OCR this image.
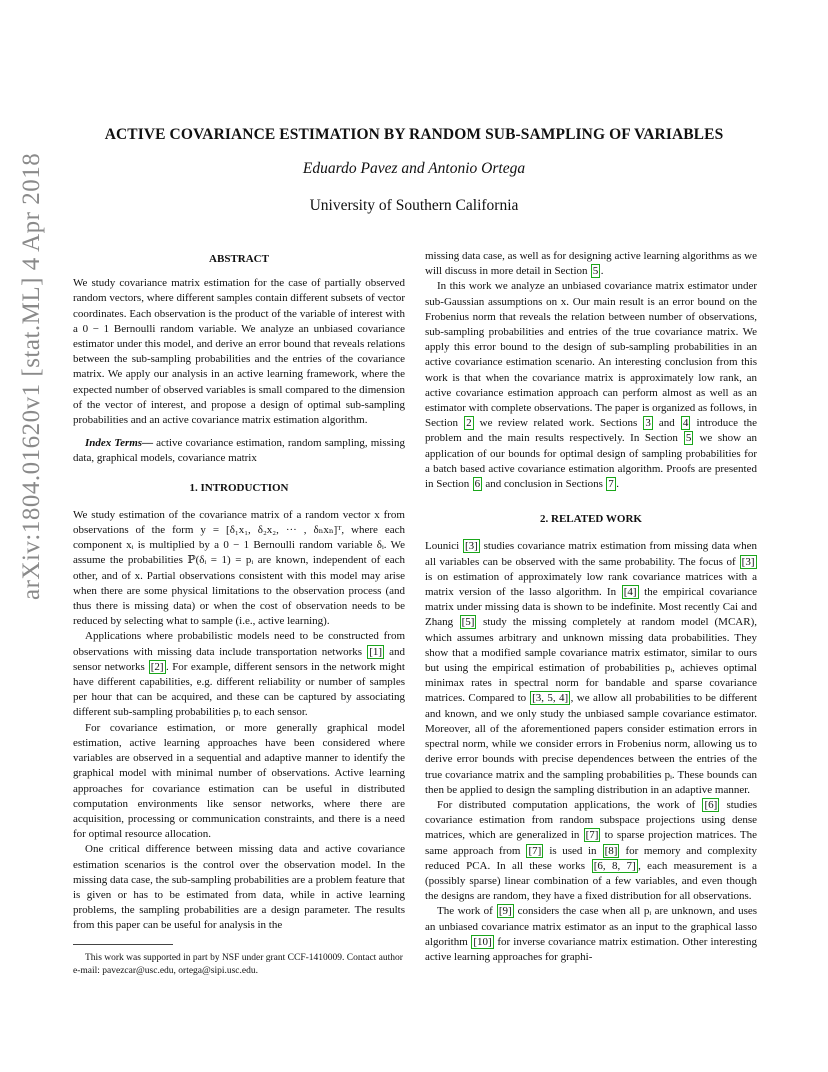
ACTIVE COVARIANCE ESTIMATION BY RANDOM SUB-SAMPLING OF VARIABLES
Eduardo Pavez and Antonio Ortega
University of Southern California
arXiv:1804.01620v1 [stat.ML] 4 Apr 2018	ABSTRACT

We study covariance matrix estimation for the case of partially observed random vectors, where different samples contain different subsets of vector coordinates. Each observation is the product of the variable of interest with a 0 − 1 Bernoulli random variable. We analyze an unbiased covariance estimator under this model, and derive an error bound that reveals relations between the sub-sampling probabilities and the entries of the covariance matrix. We apply our analysis in an active learning framework, where the expected number of observed variables is small compared to the dimension of the vector of interest, and propose a design of optimal sub-sampling probabilities and an active covariance matrix estimation algorithm.

Index Terms— active covariance estimation, random sampling, missing data, graphical models, covariance matrix

1. INTRODUCTION

We study estimation of the covariance matrix of a random vector x from observations of the form y = [δ₁x₁, δ₂x₂, ··· , δₙxₙ]ᵀ, where each component xᵢ is multiplied by a 0 − 1 Bernoulli random variable δᵢ. We assume the probabilities ℙ(δᵢ = 1) = pᵢ are known, independent of each other, and of x. Partial observations consistent with this model may arise when there are some physical limitations to the observation process (and thus there is missing data) or when the cost of observation needs to be reduced by selecting what to sample (i.e., active learning).

Applications where probabilistic models need to be constructed from observations with missing data include transportation networks [1] and sensor networks [2] . For example, different sensors in the network might have different capabilities, e.g. different reliability or number of samples per hour that can be acquired, and these can be captured by associating different sub-sampling probabilities pᵢ to each sensor.

For covariance estimation, or more generally graphical model estimation, active learning approaches have been considered where variables are observed in a sequential and adaptive manner to identify the graphical model with minimal number of observations. Active learning approaches for covariance estimation can be useful in distributed computation environments like sensor networks, where there are acquisition, processing or communication constraints, and there is a need for optimal resource allocation.

One critical difference between missing data and active covariance estimation scenarios is the control over the observation model. In the missing data case, the sub-sampling probabilities are a problem feature that is given or has to be estimated from data, while in active learning problems, the sampling probabilities are a design parameter. The results from this paper can be useful for analysis in the

This work was supported in part by NSF under grant CCF-1410009. Contact author e-mail: pavezcar@usc.edu, ortega@sipi.usc.edu.

missing data case, as well as for designing active learning algorithms as we will discuss in more detail in Section 5 .

In this work we analyze an unbiased covariance matrix estimator under sub-Gaussian assumptions on x. Our main result is an error bound on the Frobenius norm that reveals the relation between number of observations, sub-sampling probabilities and entries of the true covariance matrix. We apply this error bound to the design of sub-sampling probabilities in an active covariance estimation scenario. An interesting conclusion from this work is that when the covariance matrix is approximately low rank, an active covariance estimation approach can perform almost as well as an estimator with complete observations. The paper is organized as follows, in Section 2 we review related work. Sections 3 and 4 introduce the problem and the main results respectively. In Section 5 we show an application of our bounds for optimal design of sampling probabilities for a batch based active covariance estimation algorithm. Proofs are presented in Section 6 and conclusion in Sections 7 .

2. RELATED WORK

Lounici [3] studies covariance matrix estimation from missing data when all variables can be observed with the same probability. The focus of [3] is on estimation of approximately low rank covariance matrices with a matrix version of the lasso algorithm. In [4] the empirical covariance matrix under missing data is shown to be indefinite. Most recently Cai and Zhang [5] study the missing completely at random model (MCAR), which assumes arbitrary and unknown missing data probabilities. They show that a modified sample covariance matrix estimator, similar to ours but using the empirical estimation of probabilities pᵢ, achieves optimal minimax rates in spectral norm for bandable and sparse covariance matrices. Compared to [3, 5, 4] , we allow all probabilities to be different and known, and we only study the unbiased sample covariance estimator. Moreover, all of the aforementioned papers consider estimation errors in spectral norm, while we consider errors in Frobenius norm, allowing us to derive error bounds with precise dependences between the entries of the true covariance matrix and the sampling probabilities pᵢ. These bounds can then be applied to design the sampling distribution in an adaptive manner.

For distributed computation applications, the work of [6] studies covariance estimation from random subspace projections using dense matrices, which are generalized in [7] to sparse projection matrices. The same approach from [7] is used in [8] for memory and complexity reduced PCA. In all these works [6, 8, 7] , each measurement is a (possibly sparse) linear combination of a few variables, and even though the designs are random, they have a fixed distribution for all observations.

The work of [9] considers the case when all pᵢ are unknown, and uses an unbiased covariance matrix estimator as an input to the graphical lasso algorithm [10] for inverse covariance matrix estimation. Other interesting active learning approaches for graphi-
